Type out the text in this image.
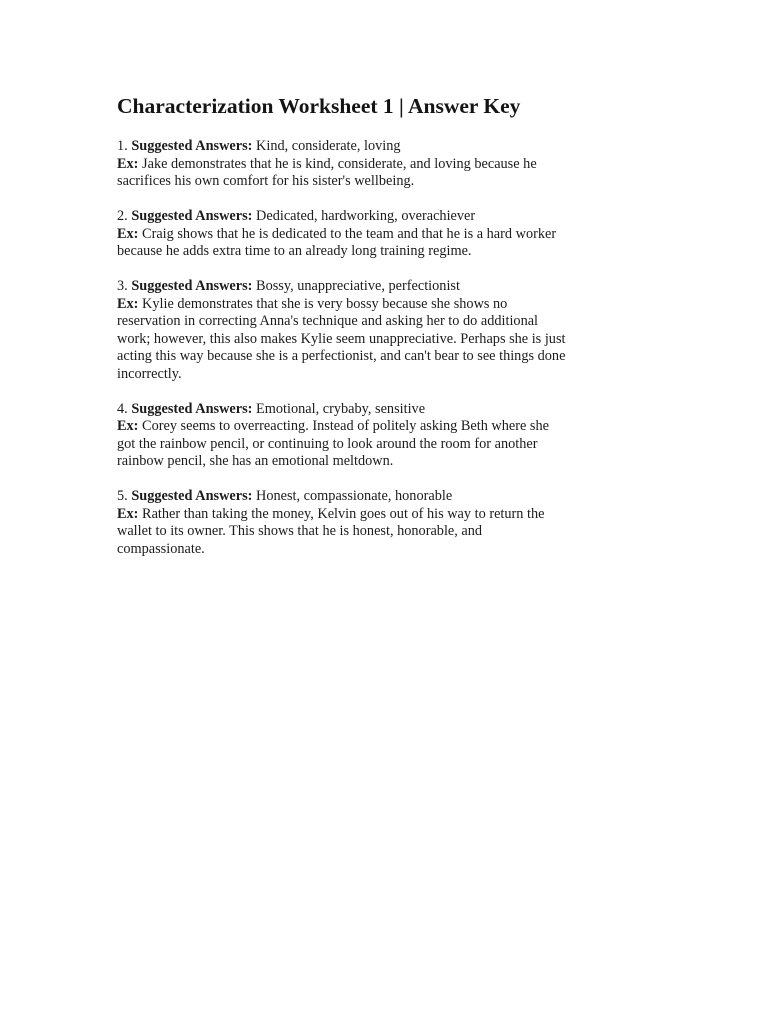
Characterization Worksheet 1 | Answer Key

1. Suggested Answers: Kind, considerate, loving

Ex: Jake demonstrates that he is kind, considerate, and loving because he sacrifices his own comfort for his sister's wellbeing.

2. Suggested Answers: Dedicated, hardworking, overachiever

Ex: Craig shows that he is dedicated to the team and that he is a hard worker because he adds extra time to an already long training regime.

3. Suggested Answers: Bossy, unappreciative, perfectionist

Ex: Kylie demonstrates that she is very bossy because she shows no reservation in correcting Anna's technique and asking her to do additional work; however, this also makes Kylie seem unappreciative. Perhaps she is just acting this way because she is a perfectionist, and can't bear to see things done incorrectly.

4. Suggested Answers: Emotional, crybaby, sensitive

Ex: Corey seems to overreacting. Instead of politely asking Beth where she got the rainbow pencil, or continuing to look around the room for another rainbow pencil, she has an emotional meltdown.

5. Suggested Answers: Honest, compassionate, honorable

Ex: Rather than taking the money, Kelvin goes out of his way to return the wallet to its owner. This shows that he is honest, honorable, and compassionate.
